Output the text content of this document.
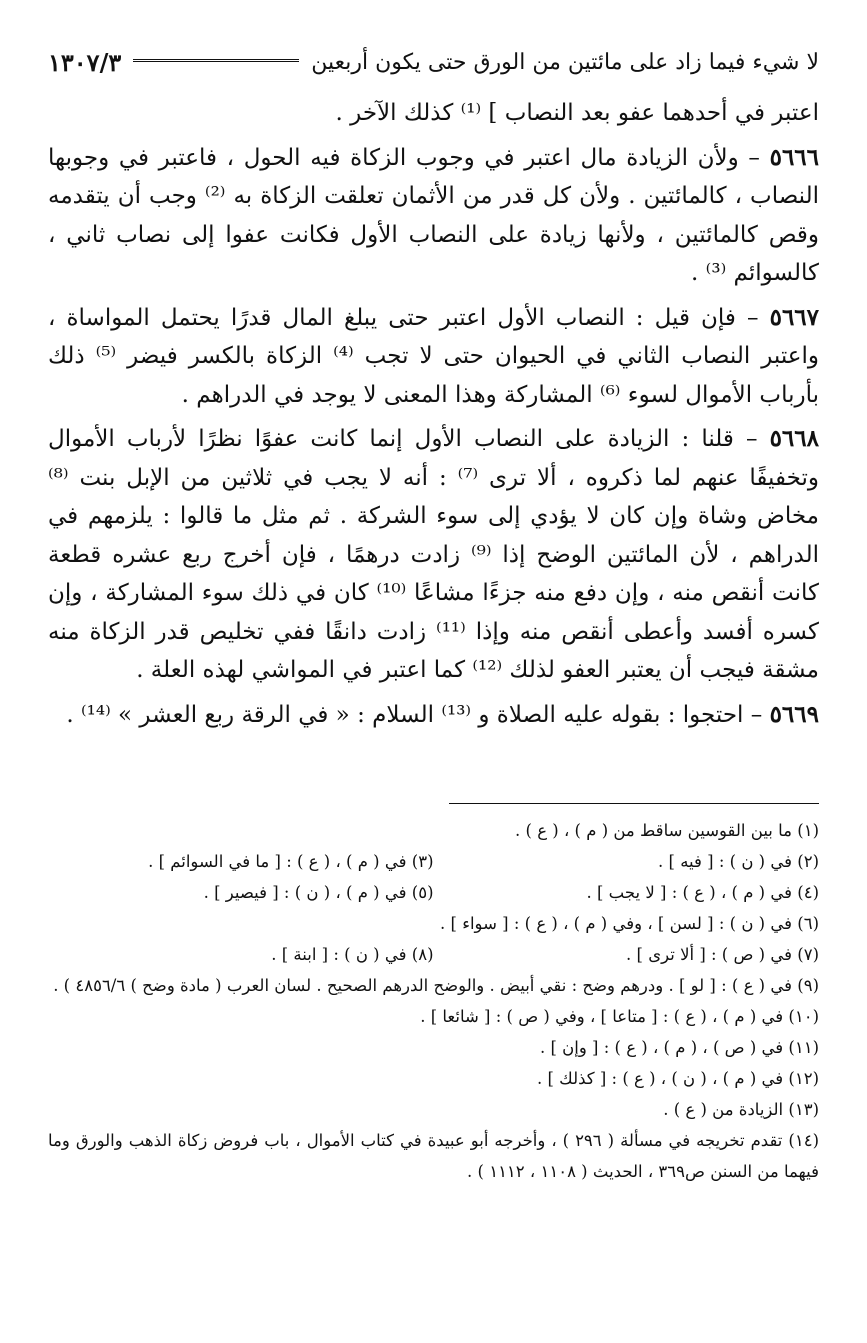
لا شيء فيما زاد على مائتين من الورق حتى يكون أربعين
١٣٠٧/٣

اعتبر في أحدهما عفو بعد النصاب ] ⁽¹⁾ كذلك الآخر .

٥٦٦٦ – ولأن الزيادة مال اعتبر في وجوب الزكاة فيه الحول ، فاعتبر في وجوبها النصاب ، كالمائتين . ولأن كل قدر من الأثمان تعلقت الزكاة به ⁽²⁾ وجب أن يتقدمه وقص كالمائتين ، ولأنها زيادة على النصاب الأول فكانت عفوا إلى نصاب ثاني ، كالسوائم ⁽³⁾ .

٥٦٦٧ – فإن قيل : النصاب الأول اعتبر حتى يبلغ المال قدرًا يحتمل المواساة ، واعتبر النصاب الثاني في الحيوان حتى لا تجب ⁽⁴⁾ الزكاة بالكسر فيضر ⁽⁵⁾ ذلك بأرباب الأموال لسوء ⁽⁶⁾ المشاركة وهذا المعنى لا يوجد في الدراهم .

٥٦٦٨ – قلنا : الزيادة على النصاب الأول إنما كانت عفوًا نظرًا لأرباب الأموال وتخفيفًا عنهم لما ذكروه ، ألا ترى ⁽⁷⁾ : أنه لا يجب في ثلاثين من الإبل بنت ⁽⁸⁾ مخاض وشاة وإن كان لا يؤدي إلى سوء الشركة . ثم مثل ما قالوا : يلزمهم في الدراهم ، لأن المائتين الوضح إذا ⁽⁹⁾ زادت درهمًا ، فإن أخرج ربع عشره قطعة كانت أنقص منه ، وإن دفع منه جزءًا مشاعًا ⁽¹⁰⁾ كان في ذلك سوء المشاركة ، وإن كسره أفسد وأعطى أنقص منه وإذا ⁽¹¹⁾ زادت دانقًا ففي تخليص قدر الزكاة منه مشقة فيجب أن يعتبر العفو لذلك ⁽¹²⁾ كما اعتبر في المواشي لهذه العلة .

٥٦٦٩ – احتجوا : بقوله عليه الصلاة و ⁽¹³⁾ السلام : « في الرقة ربع العشر » ⁽¹⁴⁾ .

(١) ما بين القوسين ساقط من ( م ) ، ( ع ) .
(٢) في ( ن ) : [ فيه ] .
(٣) في ( م ) ، ( ع ) : [ ما في السوائم ] .
(٤) في ( م ) ، ( ع ) : [ لا يجب ] .
(٥) في ( م ) ، ( ن ) : [ فيصير ] .
(٦) في ( ن ) : [ لسن ] ، وفي ( م ) ، ( ع ) : [ سواء ] .
(٧) في ( ص ) : [ ألا ترى ] .
(٨) في ( ن ) : [ ابنة ] .
(٩) في ( ع ) : [ لو ] . ودرهم وضح : نقي أبيض . والوضح الدرهم الصحيح . لسان العرب ( مادة وضح ) ٤٨٥٦/٦ ) .
(١٠) في ( م ) ، ( ع ) : [ متاعا ] ، وفي ( ص ) : [ شائعا ] .
(١١) في ( ص ) ، ( م ) ، ( ع ) : [ وإن ] .
(١٢) في ( م ) ، ( ن ) ، ( ع ) : [ كذلك ] .
(١٣) الزيادة من ( ع ) .
(١٤) تقدم تخريجه في مسألة ( ٢٩٦ ) ، وأخرجه أبو عبيدة في كتاب الأموال ، باب فروض زكاة الذهب والورق وما فيهما من السنن ص٣٦٩ ، الحديث ( ١١٠٨ ، ١١١٢ ) .
